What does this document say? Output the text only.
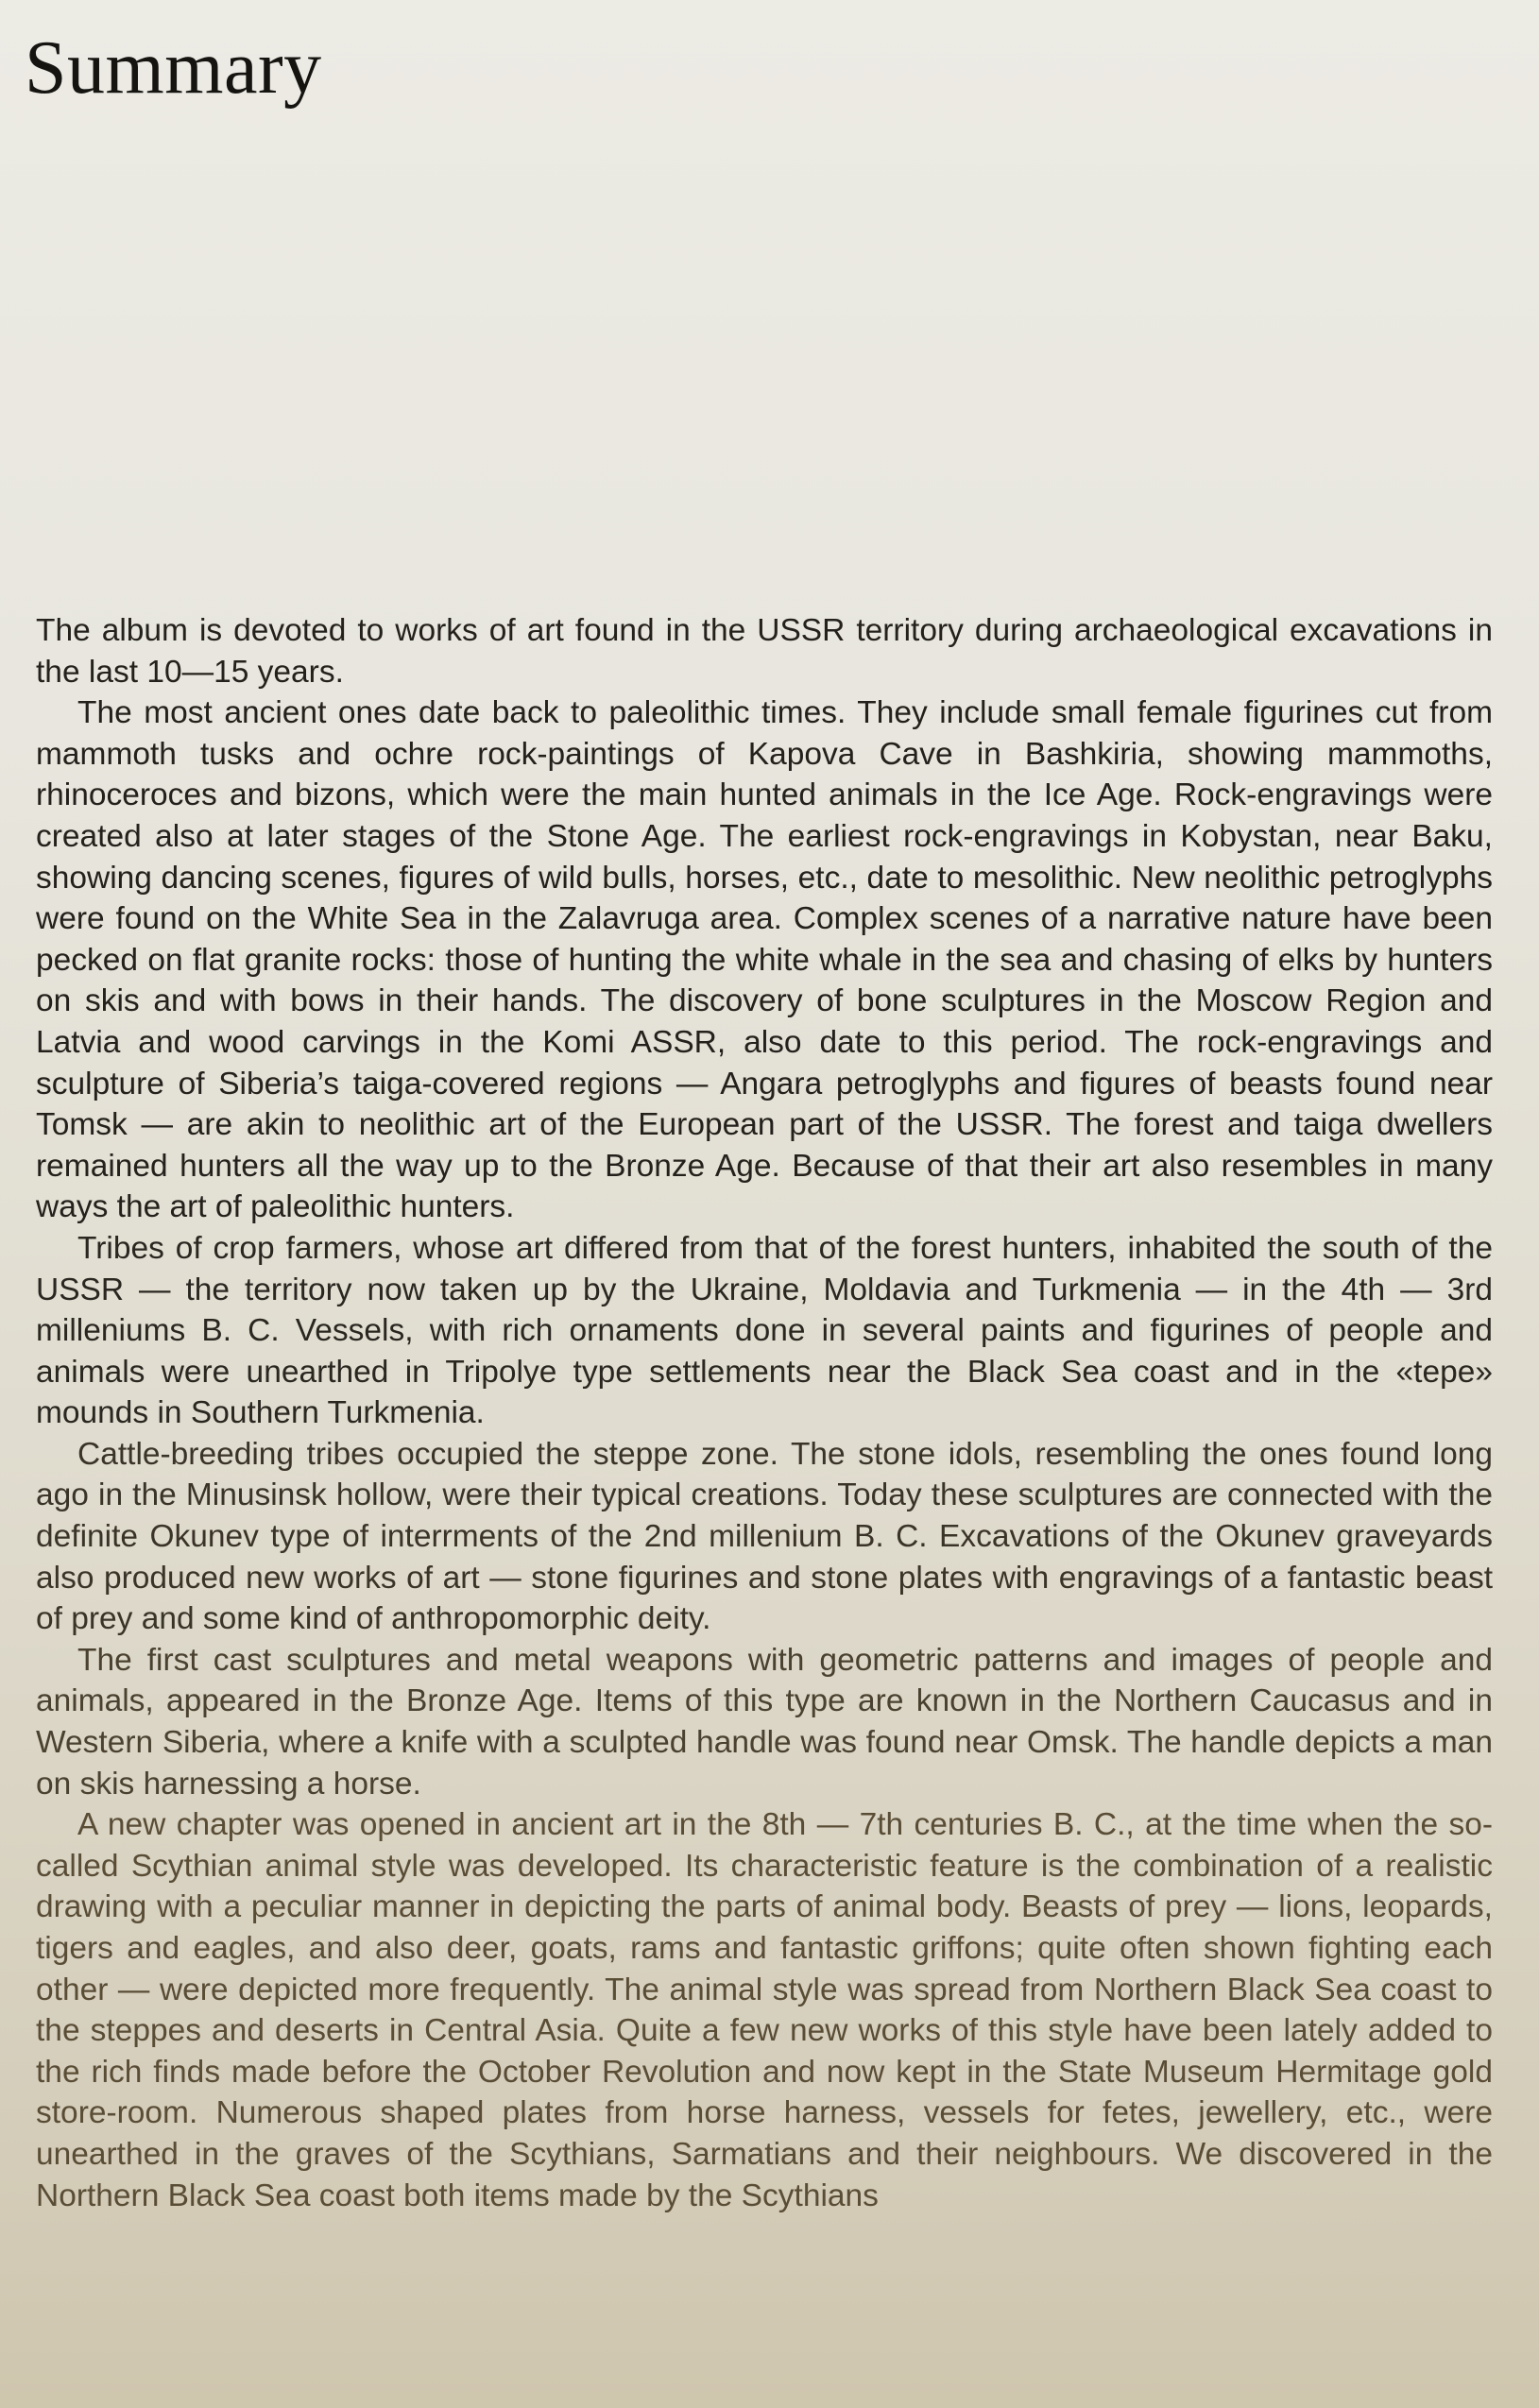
Summary

The album is devoted to works of art found in the USSR territory during archaeological excavations in the last 10—15 years.

The most ancient ones date back to paleolithic times. They include small female figurines cut from mammoth tusks and ochre rock-paintings of Kapova Cave in Bashkiria, showing mammoths, rhinoceroces and bizons, which were the main hunted animals in the Ice Age. Rock-engravings were created also at later stages of the Stone Age. The earliest rock-engravings in Kobystan, near Baku, showing dancing scenes, figures of wild bulls, horses, etc., date to mesolithic. New neolithic petroglyphs were found on the White Sea in the Zalavruga area. Complex scenes of a narrative nature have been pecked on flat granite rocks: those of hunting the white whale in the sea and chasing of elks by hunters on skis and with bows in their hands. The discovery of bone sculptures in the Moscow Region and Latvia and wood carvings in the Komi ASSR, also date to this period. The rock-engravings and sculpture of Siberia’s taiga-covered regions — Angara petroglyphs and figures of beasts found near Tomsk — are akin to neolithic art of the European part of the USSR. The forest and taiga dwellers remained hunters all the way up to the Bronze Age. Because of that their art also resembles in many ways the art of paleolithic hunters.

Tribes of crop farmers, whose art differed from that of the forest hunters, inhabited the south of the USSR — the territory now taken up by the Ukraine, Moldavia and Turkmenia — in the 4th — 3rd milleniums B. C. Vessels, with rich ornaments done in several paints and figurines of people and animals were unearthed in Tripolye type settlements near the Black Sea coast and in the «tepe» mounds in Southern Turkmenia.

Cattle-breeding tribes occupied the steppe zone. The stone idols, resembling the ones found long ago in the Minusinsk hollow, were their typical creations. Today these sculptures are connected with the definite Okunev type of interrments of the 2nd millenium B. C. Excavations of the Okunev graveyards also produced new works of art — stone figurines and stone plates with engravings of a fantastic beast of prey and some kind of anthropomorphic deity.

The first cast sculptures and metal weapons with geometric patterns and images of people and animals, appeared in the Bronze Age. Items of this type are known in the Northern Caucasus and in Western Siberia, where a knife with a sculpted handle was found near Omsk. The handle depicts a man on skis harnessing a horse.

A new chapter was opened in ancient art in the 8th — 7th centuries B. C., at the time when the so-called Scythian animal style was developed. Its characteristic feature is the combination of a realistic drawing with a peculiar manner in depicting the parts of animal body. Beasts of prey — lions, leopards, tigers and eagles, and also deer, goats, rams and fantastic griffons; quite often shown fighting each other — were depicted more frequently. The animal style was spread from Northern Black Sea coast to the steppes and deserts in Central Asia. Quite a few new works of this style have been lately added to the rich finds made before the October Revolution and now kept in the State Museum Hermitage gold store-room. Numerous shaped plates from horse harness, vessels for fetes, jewellery, etc., were unearthed in the graves of the Scythians, Sarmatians and their neighbours. We discovered in the Northern Black Sea coast both items made by the Scythians
